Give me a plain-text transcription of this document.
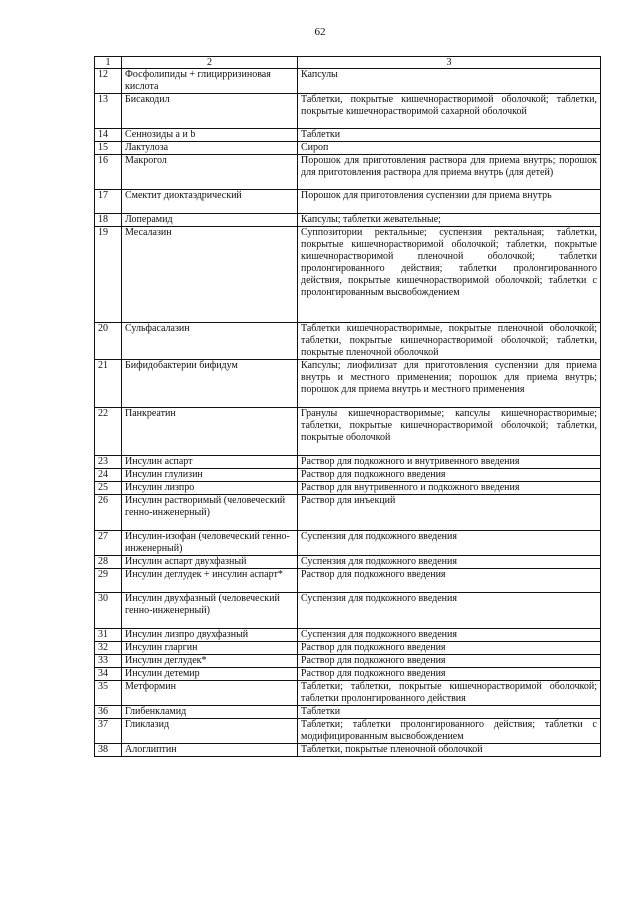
62
1	2	3
12	Фосфолипиды + глицирризиновая кислота	Капсулы
13	Бисакодил	Таблетки, покрытые кишечнорастворимой оболочкой; таблетки, покрытые кишечнорастворимой сахарной оболочкой
14	Сеннозиды а и b	Таблетки
15	Лактулоза	Сироп
16	Макрогол	Порошок для приготовления раствора для приема внутрь; порошок для приготовления раствора для приема внутрь (для детей)
17	Смектит диоктаэдрический	Порошок для приготовления суспензии для приема внутрь
18	Лоперамид	Капсулы; таблетки жевательные;
19	Месалазин	Суппозитории ректальные; суспензия ректальная; таблетки, покрытые кишечнорастворимой оболочкой; таблетки, покрытые кишечнорастворимой пленочной оболочкой; таблетки пролонгированного действия; таблетки пролонгированного действия, покрытые кишечнорастворимой оболочкой; таблетки с пролонгированным высвобождением
20	Сульфасалазин	Таблетки кишечнорастворимые, покрытые пленочной оболочкой; таблетки, покрытые кишечнорастворимой оболочкой; таблетки, покрытые пленочной оболочкой
21	Бифидобактерии бифидум	Капсулы; лиофилизат для приготовления суспензии для приема внутрь и местного применения; порошок для приема внутрь; порошок для приема внутрь и местного применения
22	Панкреатин	Гранулы кишечнорастворимые; капсулы кишечнорастворимые; таблетки, покрытые кишечнорастворимой оболочкой; таблетки, покрытые оболочкой
23	Инсулин аспарт	Раствор для подкожного и внутривенного введения
24	Инсулин глулизин	Раствор для подкожного введения
25	Инсулин лизпро	Раствор для внутривенного и подкожного введения
26	Инсулин растворимый (человеческий генно-инженерный)	Раствор для инъекций
27	Инсулин-изофан (человеческий генно-инженерный)	Суспензия для подкожного введения
28	Инсулин аспарт двухфазный	Суспензия для подкожного введения
29	Инсулин деглудек + инсулин аспарт*	Раствор для подкожного введения
30	Инсулин двухфазный (человеческий генно-инженерный)	Суспензия для подкожного введения
31	Инсулин лизпро двухфазный	Суспензия для подкожного введения
32	Инсулин гларгин	Раствор для подкожного введения
33	Инсулин деглудек*	Раствор для подкожного введения
34	Инсулин детемир	Раствор для подкожного введения
35	Метформин	Таблетки; таблетки, покрытые кишечнорастворимой оболочкой; таблетки пролонгированного действия
36	Глибенкламид	Таблетки
37	Гликлазид	Таблетки; таблетки пролонгированного действия; таблетки с модифицированным высвобождением
38	Алоглиптин	Таблетки, покрытые пленочной оболочкой
